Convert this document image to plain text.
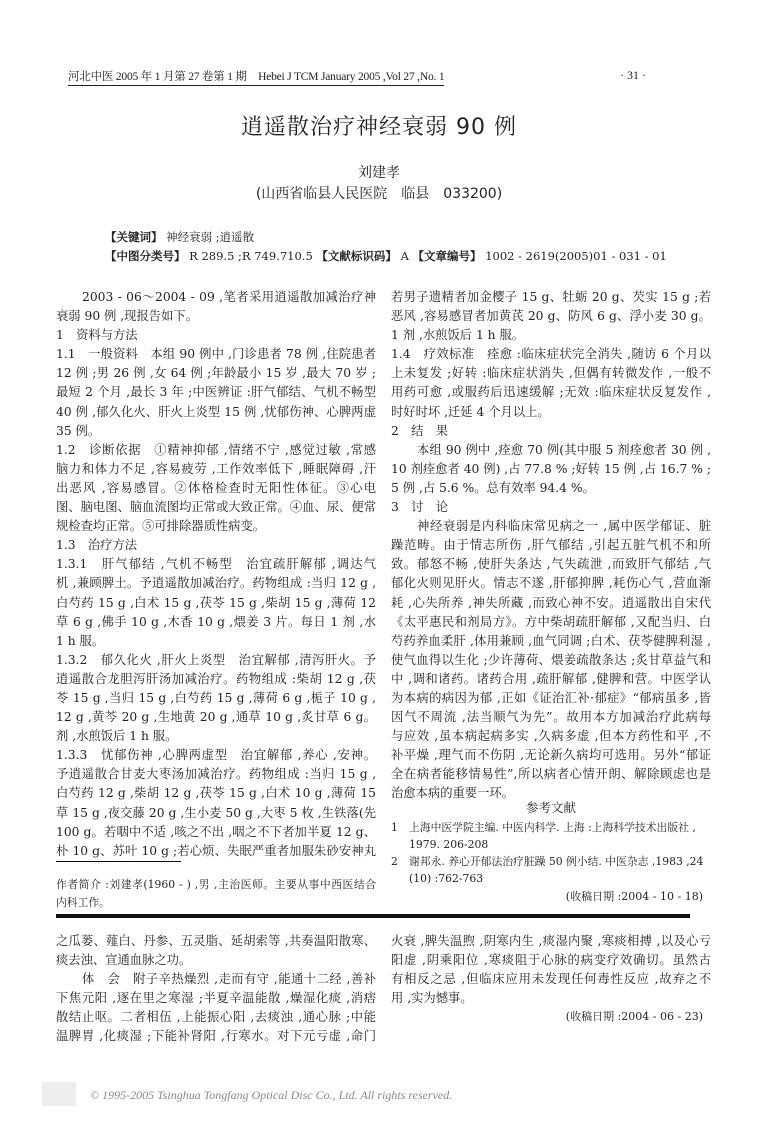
河北中医 2005 年 1 月第 27 卷第 1 期　Hebei J TCM January 2005 ,Vol 27 ,No. 1	· 31 ·
逍遥散治疗神经衰弱 90 例
刘建孝
(山西省临县人民医院　临县　033200)
【关键词】 神经衰弱 ;逍遥散
【中图分类号】 R 289.5 ;R 749.710.5 【文献标识码】 A 【文章编号】 1002 - 2619(2005)01 - 031 - 01
2003 - 06～2004 - 09 ,笔者采用逍遥散加减治疗神
衰弱 90 例 ,现报告如下。
1　资料与方法
1.1　一般资料　本组 90 例中 ,门诊患者 78 例 ,住院患者
12 例 ;男 26 例 ,女 64 例 ;年龄最小 15 岁 ,最大 70 岁 ;
最短 2 个月 ,最长 3 年 ;中医辨证 :肝气郁结、气机不畅型
40 例 ,郁久化火、肝火上炎型 15 例 ,忧郁伤神、心脾两虚
35 例。
1.2　诊断依据　①精神抑郁 ,情绪不宁 ,感觉过敏 ,常感
脑力和体力不足 ,容易疲劳 ,工作效率低下 ,睡眠障碍 ,汗
出恶风 ,容易感冒。②体格检查时无阳性体征。③心电
图、脑电图、脑血流图均正常或大致正常。④血、尿、便常
规检查均正常。⑤可排除器质性病变。
1.3　治疗方法
1.3.1　肝气郁结 ,气机不畅型　治宜疏肝解郁 ,调达气
机 ,兼顾脾土。予逍遥散加减治疗。药物组成 :当归 12 g ,
白芍药 15 g ,白术 15 g ,茯苓 15 g ,柴胡 15 g ,薄荷 12
草 6 g ,佛手 10 g ,木香 10 g ,煨姜 3 片。每日 1 剂 ,水
1 h 服。
1.3.2　郁久化火 ,肝火上炎型　治宜解郁 ,清泻肝火。予
逍遥散合龙胆泻肝汤加减治疗。药物组成 :柴胡 12 g ,茯
苓 15 g ,当归 15 g ,白芍药 15 g ,薄荷 6 g ,栀子 10 g ,
12 g ,黄芩 20 g ,生地黄 20 g ,通草 10 g ,炙甘草 6 g。
剂 ,水煎饭后 1 h 服。
1.3.3　忧郁伤神 ,心脾两虚型　治宜解郁 ,养心 ,安神。
予逍遥散合甘麦大枣汤加减治疗。药物组成 :当归 15 g ,
白芍药 12 g ,柴胡 12 g ,茯苓 15 g ,白术 10 g ,薄荷 15
草 15 g ,夜交藤 20 g ,生小麦 50 g ,大枣 5 枚 ,生铁落(先
100 g。若咽中不适 ,咳之不出 ,咽之不下者加半夏 12 g、
朴 10 g、苏叶 10 g ;若心烦、失眠严重者加服朱砂安神丸
作者简介 :刘建孝(1960 - ) ,男 ,主治医师。主要从事中西医结合
内科工作。
若男子遗精者加金樱子 15 g、牡蛎 20 g、芡实 15 g ;若
恶风 ,容易感冒者加黄芪 20 g、防风 6 g、浮小麦 30 g。
1 剂 ,水煎饭后 1 h 服。
1.4　疗效标准　痊愈 :临床症状完全消失 ,随访 6 个月以
上未复发 ;好转 :临床症状消失 ,但偶有转微发作 ,一般不
用药可愈 ,或服药后迅速缓解 ;无效 :临床症状反复发作 ,
时好时坏 ,迁延 4 个月以上。
2　结　果
本组 90 例中 ,痊愈 70 例(其中服 5 剂痊愈者 30 例 ,
10 剂痊愈者 40 例) ,占 77.8 % ;好转 15 例 ,占 16.7 % ;
5 例 ,占 5.6 %。总有效率 94.4 %。
3　讨　论
神经衰弱是内科临床常见病之一 ,属中医学郁证、脏
躁范畴。由于情志所伤 ,肝气郁结 ,引起五脏气机不和所
致。郁怒不畅 ,使肝失条达 ,气失疏泄 ,而致肝气郁结 ,气
郁化火则见肝火。情志不遂 ,肝郁抑脾 ,耗伤心气 ,营血渐
耗 ,心失所养 ,神失所藏 ,而致心神不安。逍遥散出自宋代
《太平惠民和剂局方》。方中柴胡疏肝解郁 ,又配当归、白
芍药养血柔肝 ,体用兼顾 ,血气同调 ;白术、茯苓健脾利湿 ,
使气血得以生化 ;少许薄荷、煨姜疏散条达 ;炙甘草益气和
中 ,调和诸药。诸药合用 ,疏肝解郁 ,健脾和营。中医学认
为本病的病因为郁 ,正如《证治汇补·郁症》“郁病虽多 ,皆
因气不周流 ,法当顺气为先”。故用本方加减治疗此病每
与应效 ,虽本病起病多实 ,久病多虚 ,但本方药性和平 ,不
补平燥 ,理气而不伤阴 ,无论新久病均可选用。另外“郁证
全在病者能移情易性”,所以病者心情开朗、解除顾虑也是
治愈本病的重要一环。
参考文献
1	上海中医学院主编. 中医内科学. 上海 :上海科学技术出版社 ,
1979. 206-208
2	谢邦永. 养心开郁法治疗脏躁 50 例小结. 中医杂志 ,1983 ,24
(10) :762-763
(收稿日期 :2004 - 10 - 18)
之瓜蒌、薤白、丹参、五灵脂、延胡索等 ,共奏温阳散寒、
痰去浊、宣通血脉之功。
体　会　附子辛热燥烈 ,走而有守 ,能通十二经 ,善补
下焦元阳 ,逐在里之寒湿 ;半夏辛温能散 ,燥湿化痰 ,消痞
散结止呕。二者相伍 ,上能振心阳 ,去痰浊 ,通心脉 ;中能
温脾胃 ,化痰湿 ;下能补肾阳 ,行寒水。对下元亏虚 ,命门
火衰 ,脾失温煦 ,阴寒内生 ,痰湿内聚 ,寒痰相搏 ,以及心亏
阳虚 ,阴乘阳位 ,寒痰阻于心脉的病变疗效确切。虽然古
有相反之忌 ,但临床应用未发现任何毒性反应 ,故弃之不
用 ,实为憾事。
(收稿日期 :2004 - 06 - 23)
© 1995-2005 Tsinghua Tongfang Optical Disc Co., Ltd. All rights reserved.
